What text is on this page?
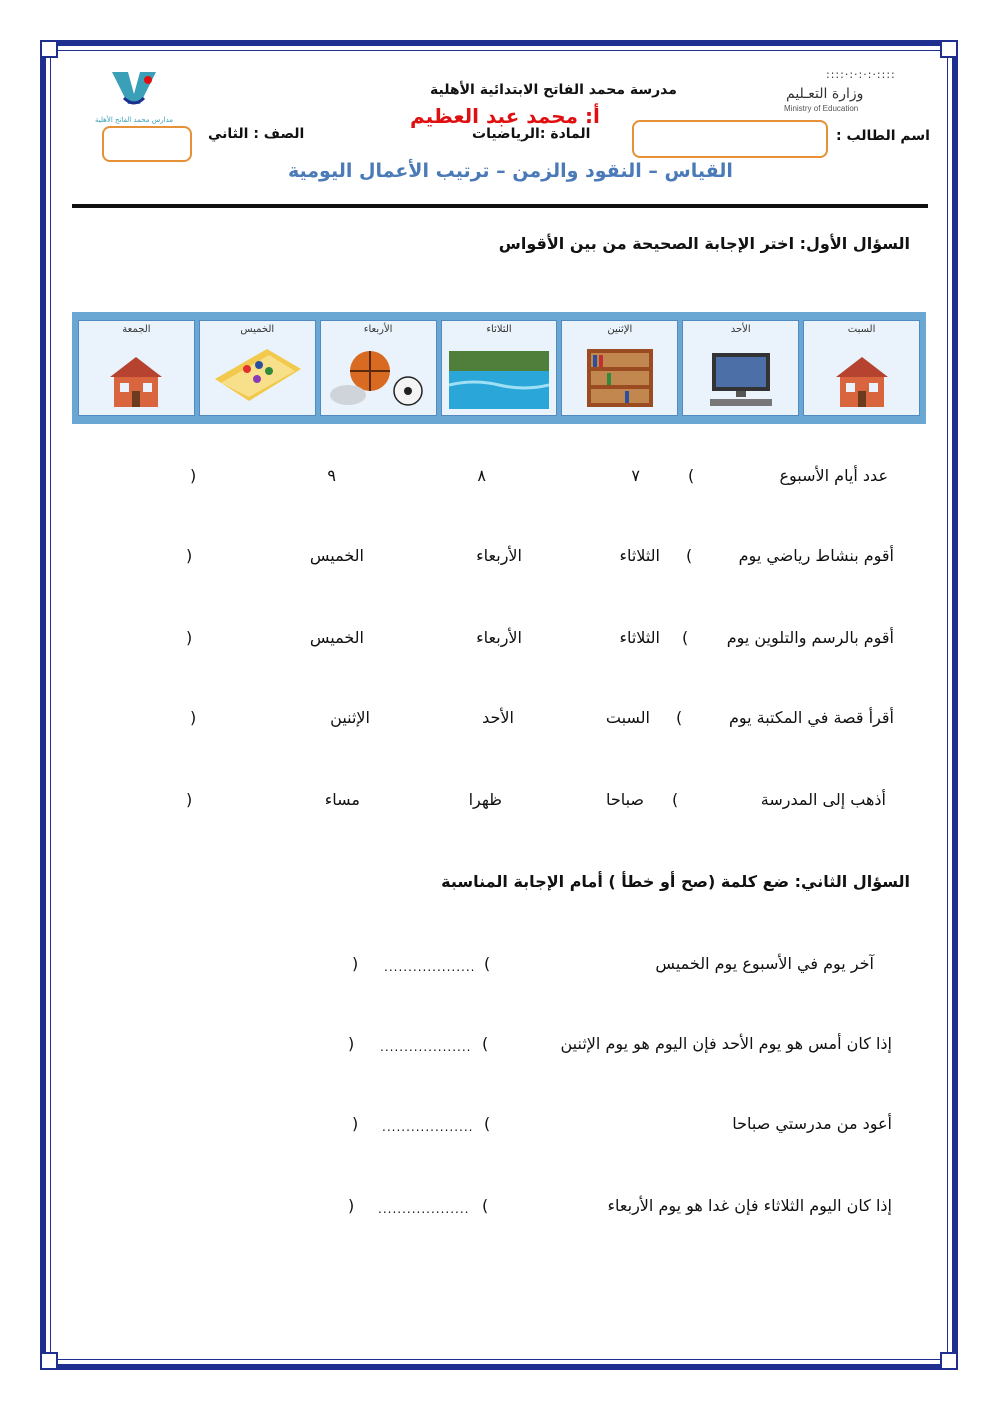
مدارس محمد الفاتح الأهلية
::::·:·:·:·::::
وزارة التعـليم
Ministry of Education
مدرسة محمد الفاتح الابتدائية الأهلية
أ: محمد عبد العظيم
المادة :الرياضيات
الصف : الثاني	اسم الطالب :
القياس – النقود والزمن – ترتيب الأعمال اليومية
السؤال الأول: اختر الإجابة الصحيحة من بين الأقواس
السبت
الأحد
الإثنين
الثلاثاء
الأربعاء
الخميس
الجمعة
عدد أيام الأسبوع
(
٧
٨
٩
)
أقوم بنشاط رياضي يوم
(
الثلاثاء
الأربعاء
الخميس
)
أقوم بالرسم والتلوين يوم
(
الثلاثاء
الأربعاء
الخميس
)
أقرأ قصة في المكتبة يوم
(
السبت
الأحد
الإثنين
)
أذهب إلى المدرسة
(
صباحا
ظهرا
مساء
)
السؤال الثاني: ضع كلمة (صح أو خطأ ) أمام الإجابة المناسبة
آخر يوم في الأسبوع يوم الخميس
(
...................
)
إذا كان أمس هو يوم الأحد فإن اليوم هو يوم الإثنين
(
...................
)
أعود من مدرستي صباحا
(
...................
)
إذا كان اليوم الثلاثاء فإن غدا هو يوم الأربعاء
(
...................
)
